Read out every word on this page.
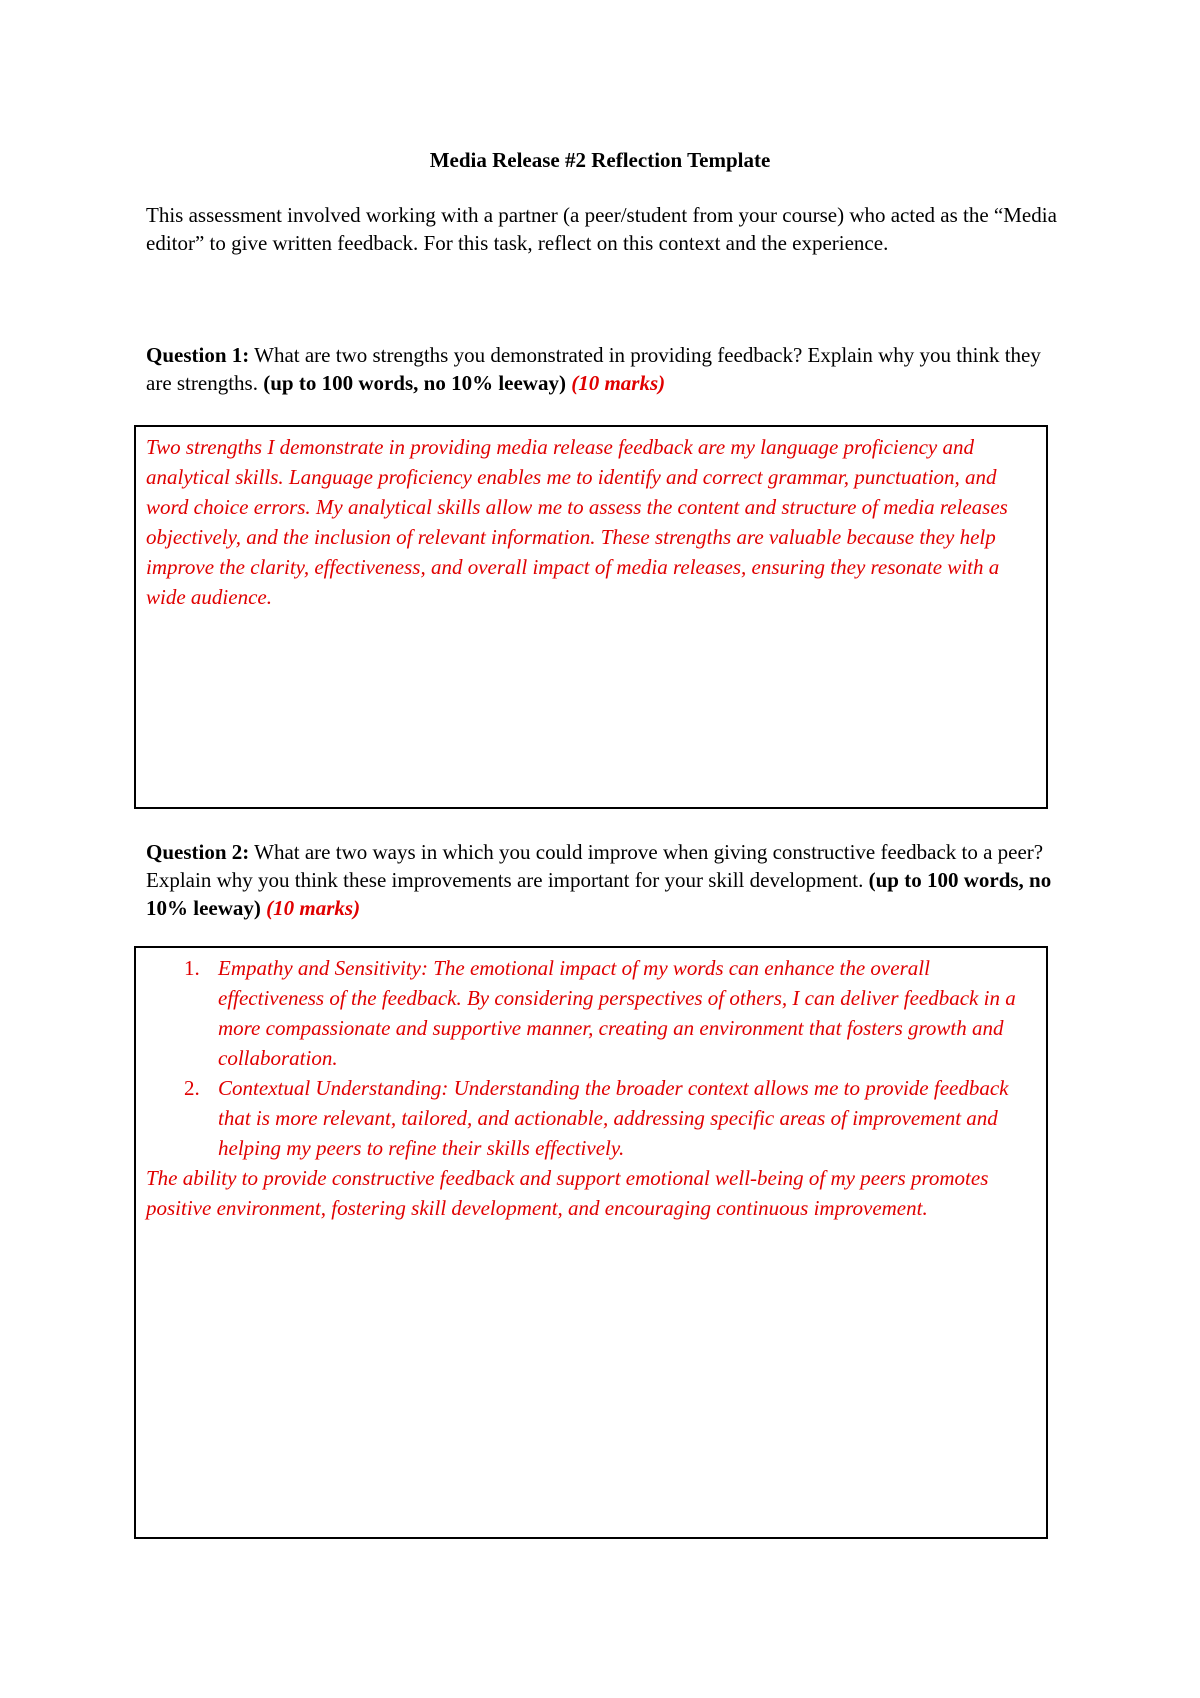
Media Release #2 Reflection Template
This assessment involved working with a partner (a peer/student from your course) who acted as the “Media editor” to give written feedback. For this task, reflect on this context and the experience.
Question 1: What are two strengths you demonstrated in providing feedback? Explain why you think they are strengths. (up to 100 words, no 10% leeway) (10 marks)

Two strengths I demonstrate in providing media release feedback are my language proficiency and analytical skills. Language proficiency enables me to identify and correct grammar, punctuation, and word choice errors. My analytical skills allow me to assess the content and structure of media releases objectively, and the inclusion of relevant information. These strengths are valuable because they help improve the clarity, effectiveness, and overall impact of media releases, ensuring they resonate with a wide audience.

Question 2: What are two ways in which you could improve when giving constructive feedback to a peer? Explain why you think these improvements are important for your skill development. (up to 100 words, no 10% leeway) (10 marks)
1. Empathy and Sensitivity: The emotional impact of my words can enhance the overall effectiveness of the feedback. By considering perspectives of others, I can deliver feedback in a more compassionate and supportive manner, creating an environment that fosters growth and collaboration.
2. Contextual Understanding: Understanding the broader context allows me to provide feedback that is more relevant, tailored, and actionable, addressing specific areas of improvement and helping my peers to refine their skills effectively.

The ability to provide constructive feedback and support emotional well-being of my peers promotes positive environment, fostering skill development, and encouraging continuous improvement.
